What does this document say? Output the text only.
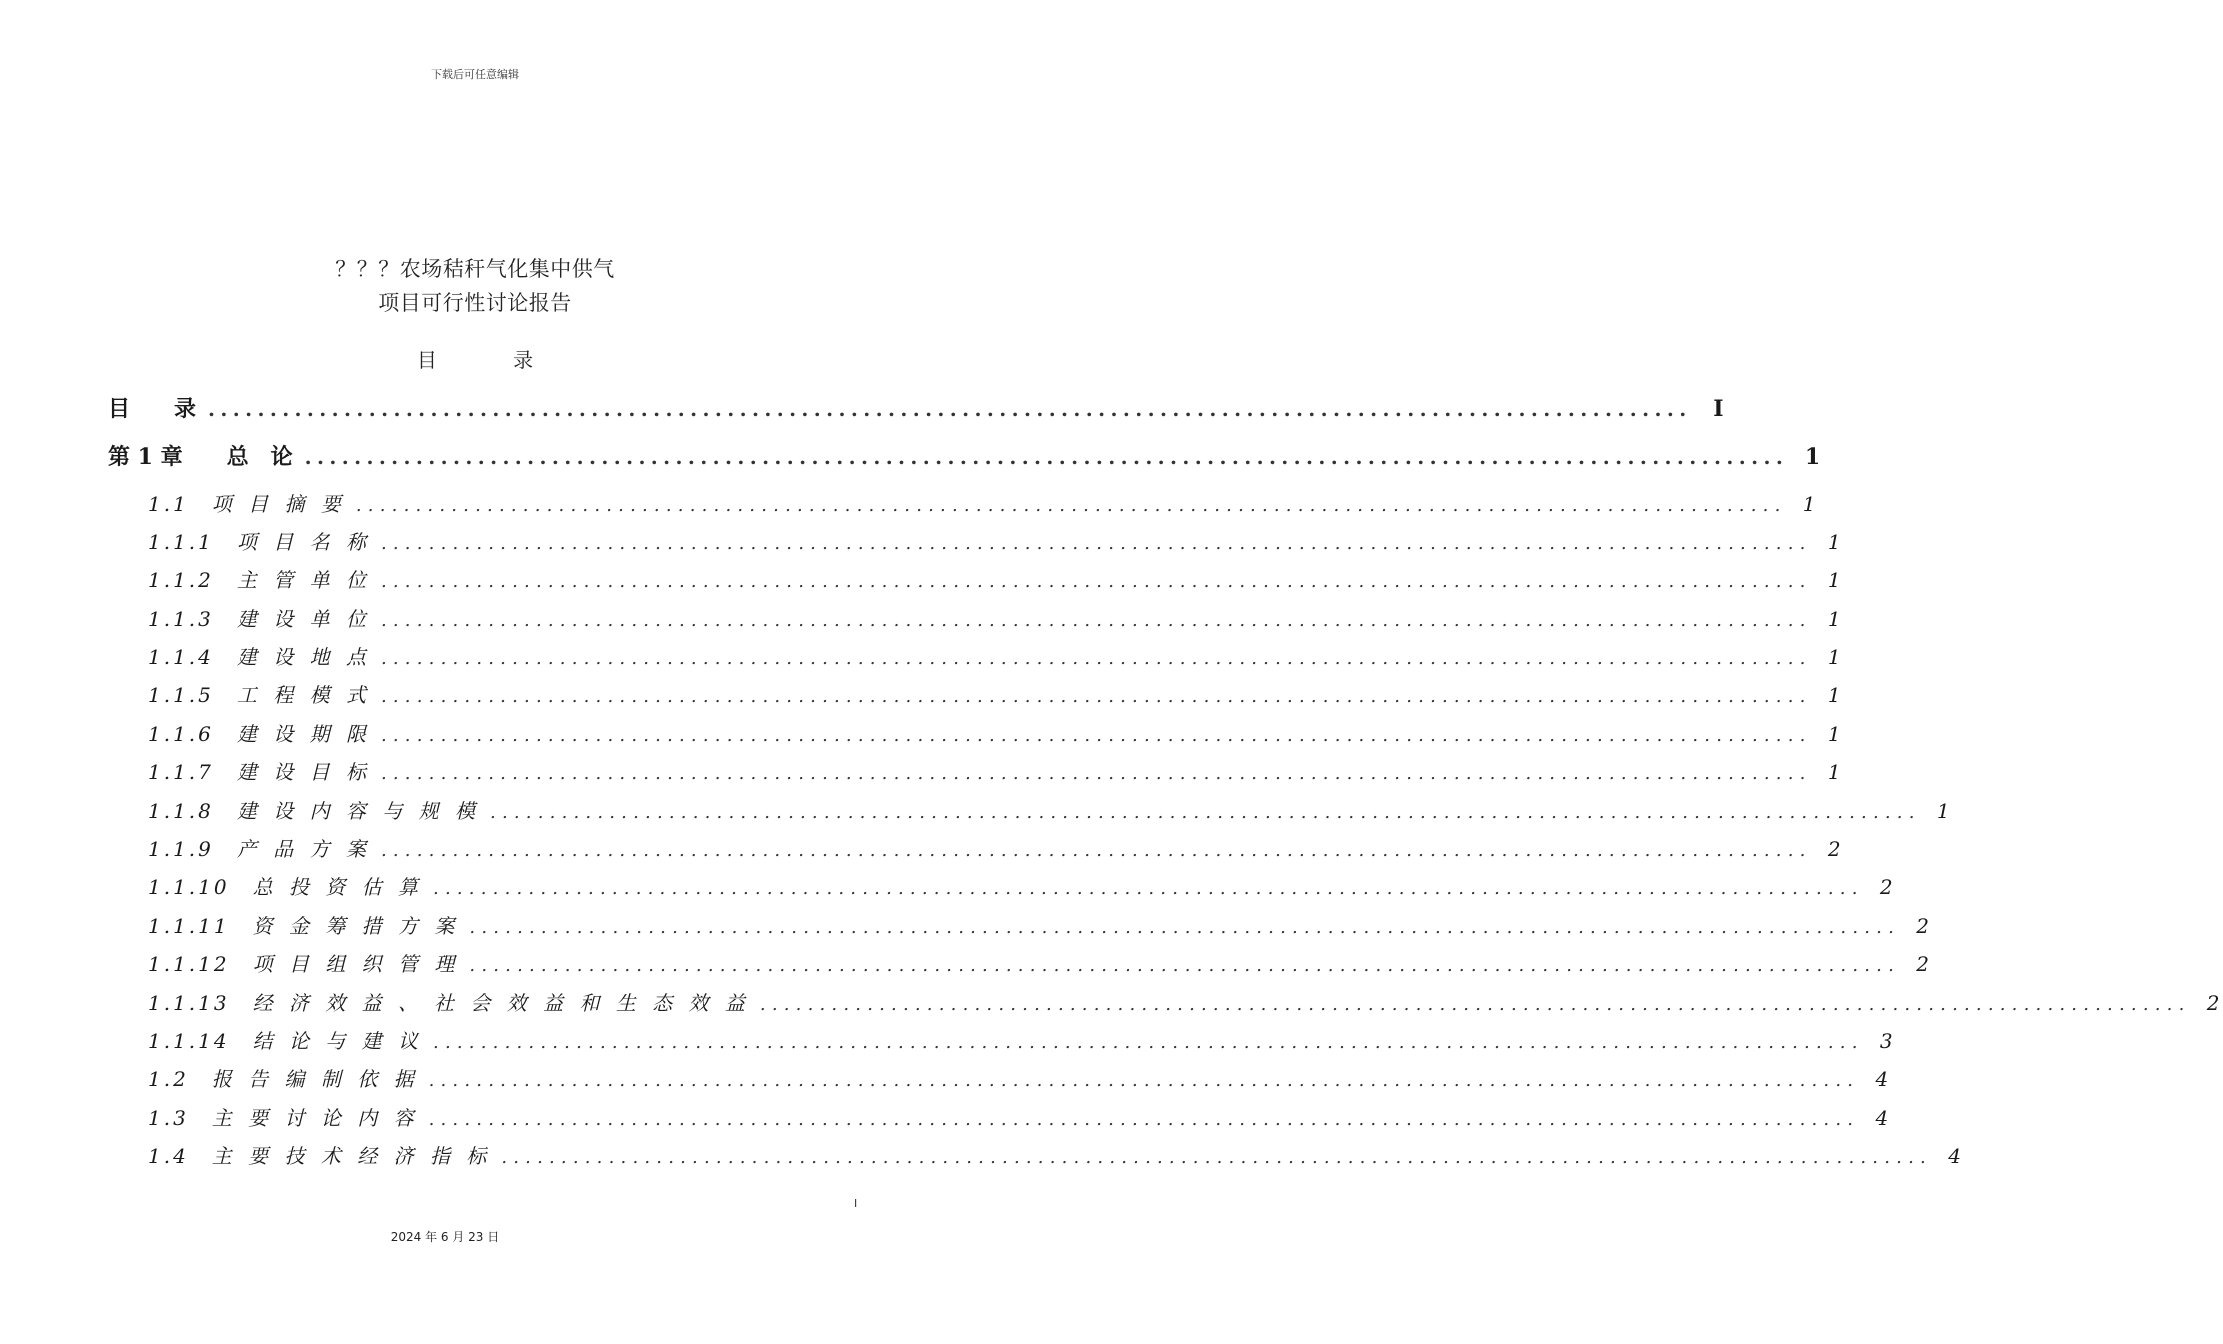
下载后可任意编辑
？？？农场秸秆气化集中供气
项目可行性讨论报告
目 录
目　　录 ........................................................................................................................ I
第 1 章　　总　论 ........................................................................................................................ 1
1.1　项 目 摘 要 ........................................................................................................................ 1
1.1.1　项 目 名 称 ........................................................................................................................ 1
1.1.2　主 管 单 位 ........................................................................................................................ 1
1.1.3　建 设 单 位 ........................................................................................................................ 1
1.1.4　建 设 地 点 ........................................................................................................................ 1
1.1.5　工 程 模 式 ........................................................................................................................ 1
1.1.6　建 设 期 限 ........................................................................................................................ 1
1.1.7　建 设 目 标 ........................................................................................................................ 1
1.1.8　建 设 内 容 与 规 模 ........................................................................................................................ 1
1.1.9　产 品 方 案 ........................................................................................................................ 2
1.1.10　总 投 资 估 算 ........................................................................................................................ 2
1.1.11　资 金 筹 措 方 案 ........................................................................................................................ 2
1.1.12　项 目 组 织 管 理 ........................................................................................................................ 2
1.1.13　经 济 效 益 、　社 会 效 益 和 生 态 效 益 ........................................................................................................................ 2
1.1.14　结 论 与 建 议 ........................................................................................................................ 3
1.2　报 告 编 制 依 据 ........................................................................................................................ 4
1.3　主 要 讨 论 内 容 ........................................................................................................................ 4
1.4　主 要 技 术 经 济 指 标 ........................................................................................................................ 4
I
2024 年 6 月 23 日
